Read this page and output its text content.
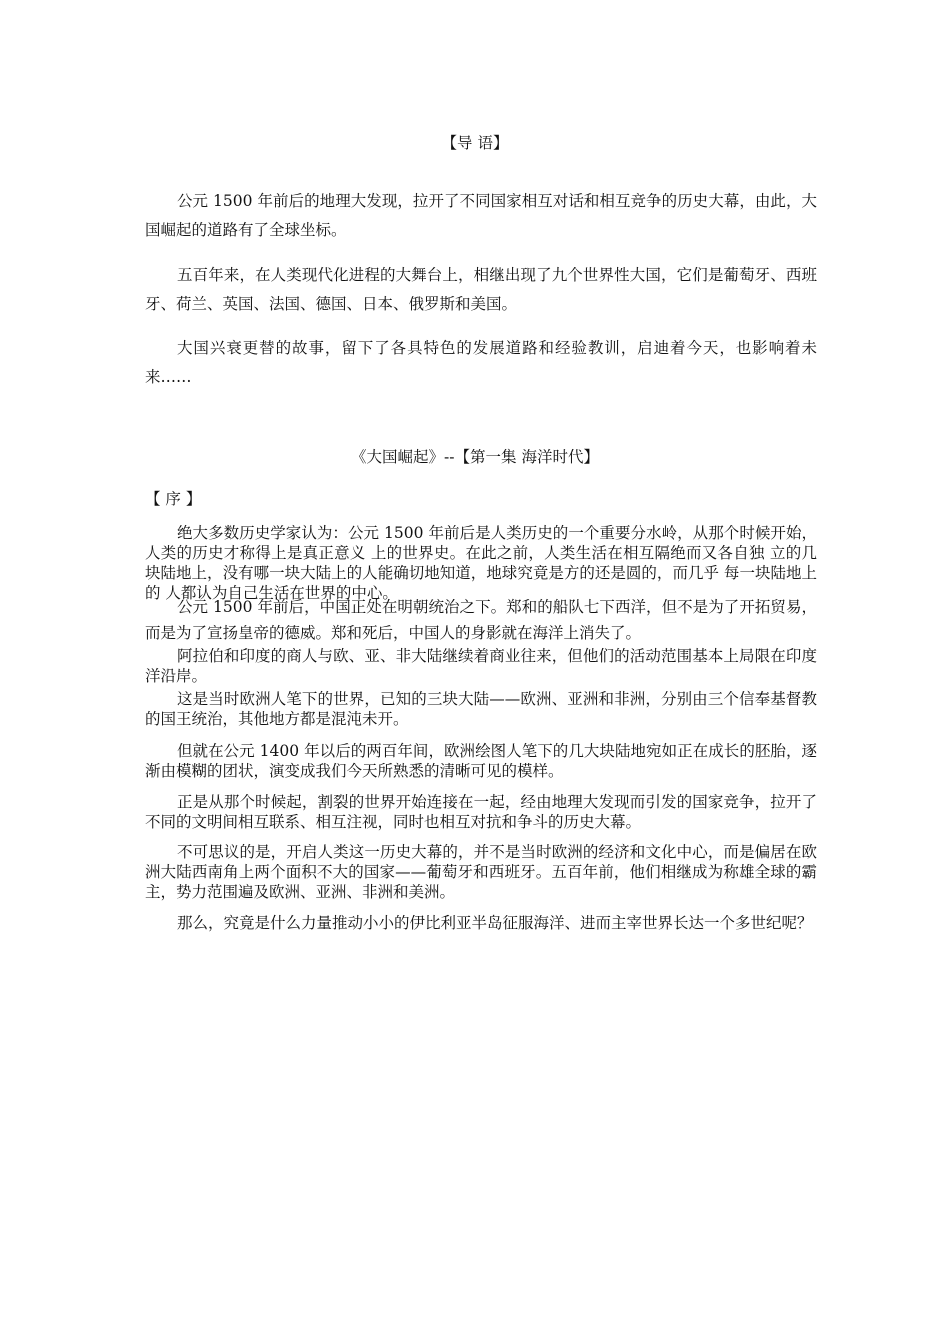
【导 语】
公元 1500 年前后的地理大发现，拉开了不同国家相互对话和相互竞争的历史大幕，由此，大国崛起的道路有了全球坐标。
五百年来，在人类现代化进程的大舞台上，相继出现了九个世界性大国，它们是葡萄牙、西班牙、荷兰、英国、法国、德国、日本、俄罗斯和美国。
大国兴衰更替的故事，留下了各具特色的发展道路和经验教训，启迪着今天，也影响着未来……
《大国崛起》--【第一集 海洋时代】
【 序 】
绝大多数历史学家认为：公元 1500 年前后是人类历史的一个重要分水岭，从那个时候开始， 人类的历史才称得上是真正意义 上的世界史。在此之前，人类生活在相互隔绝而又各自独 立的几块陆地上，没有哪一块大陆上的人能确切地知道，地球究竟是方的还是圆的，而几乎 每一块陆地上的 人都认为自己生活在世界的中心。
公元 1500 年前后，中国正处在明朝统治之下。郑和的船队七下西洋，但不是为了开拓贸易，而是为了宣扬皇帝的德威。郑和死后，中国人的身影就在海洋上消失了。
阿拉伯和印度的商人与欧、亚、非大陆继续着商业往来，但他们的活动范围基本上局限在印度洋沿岸。
这是当时欧洲人笔下的世界，已知的三块大陆——欧洲、亚洲和非洲，分别由三个信奉基督教的国王统治，其他地方都是混沌未开。
但就在公元 1400 年以后的两百年间，欧洲绘图人笔下的几大块陆地宛如正在成长的胚胎，逐渐由模糊的团状，演变成我们今天所熟悉的清晰可见的模样。
正是从那个时候起，割裂的世界开始连接在一起，经由地理大发现而引发的国家竞争，拉开了不同的文明间相互联系、相互注视，同时也相互对抗和争斗的历史大幕。
不可思议的是，开启人类这一历史大幕的，并不是当时欧洲的经济和文化中心，而是偏居在欧洲大陆西南角上两个面积不大的国家——葡萄牙和西班牙。五百年前，他们相继成为称雄全球的霸主，势力范围遍及欧洲、亚洲、非洲和美洲。
那么，究竟是什么力量推动小小的伊比利亚半岛征服海洋、进而主宰世界长达一个多世纪呢？
